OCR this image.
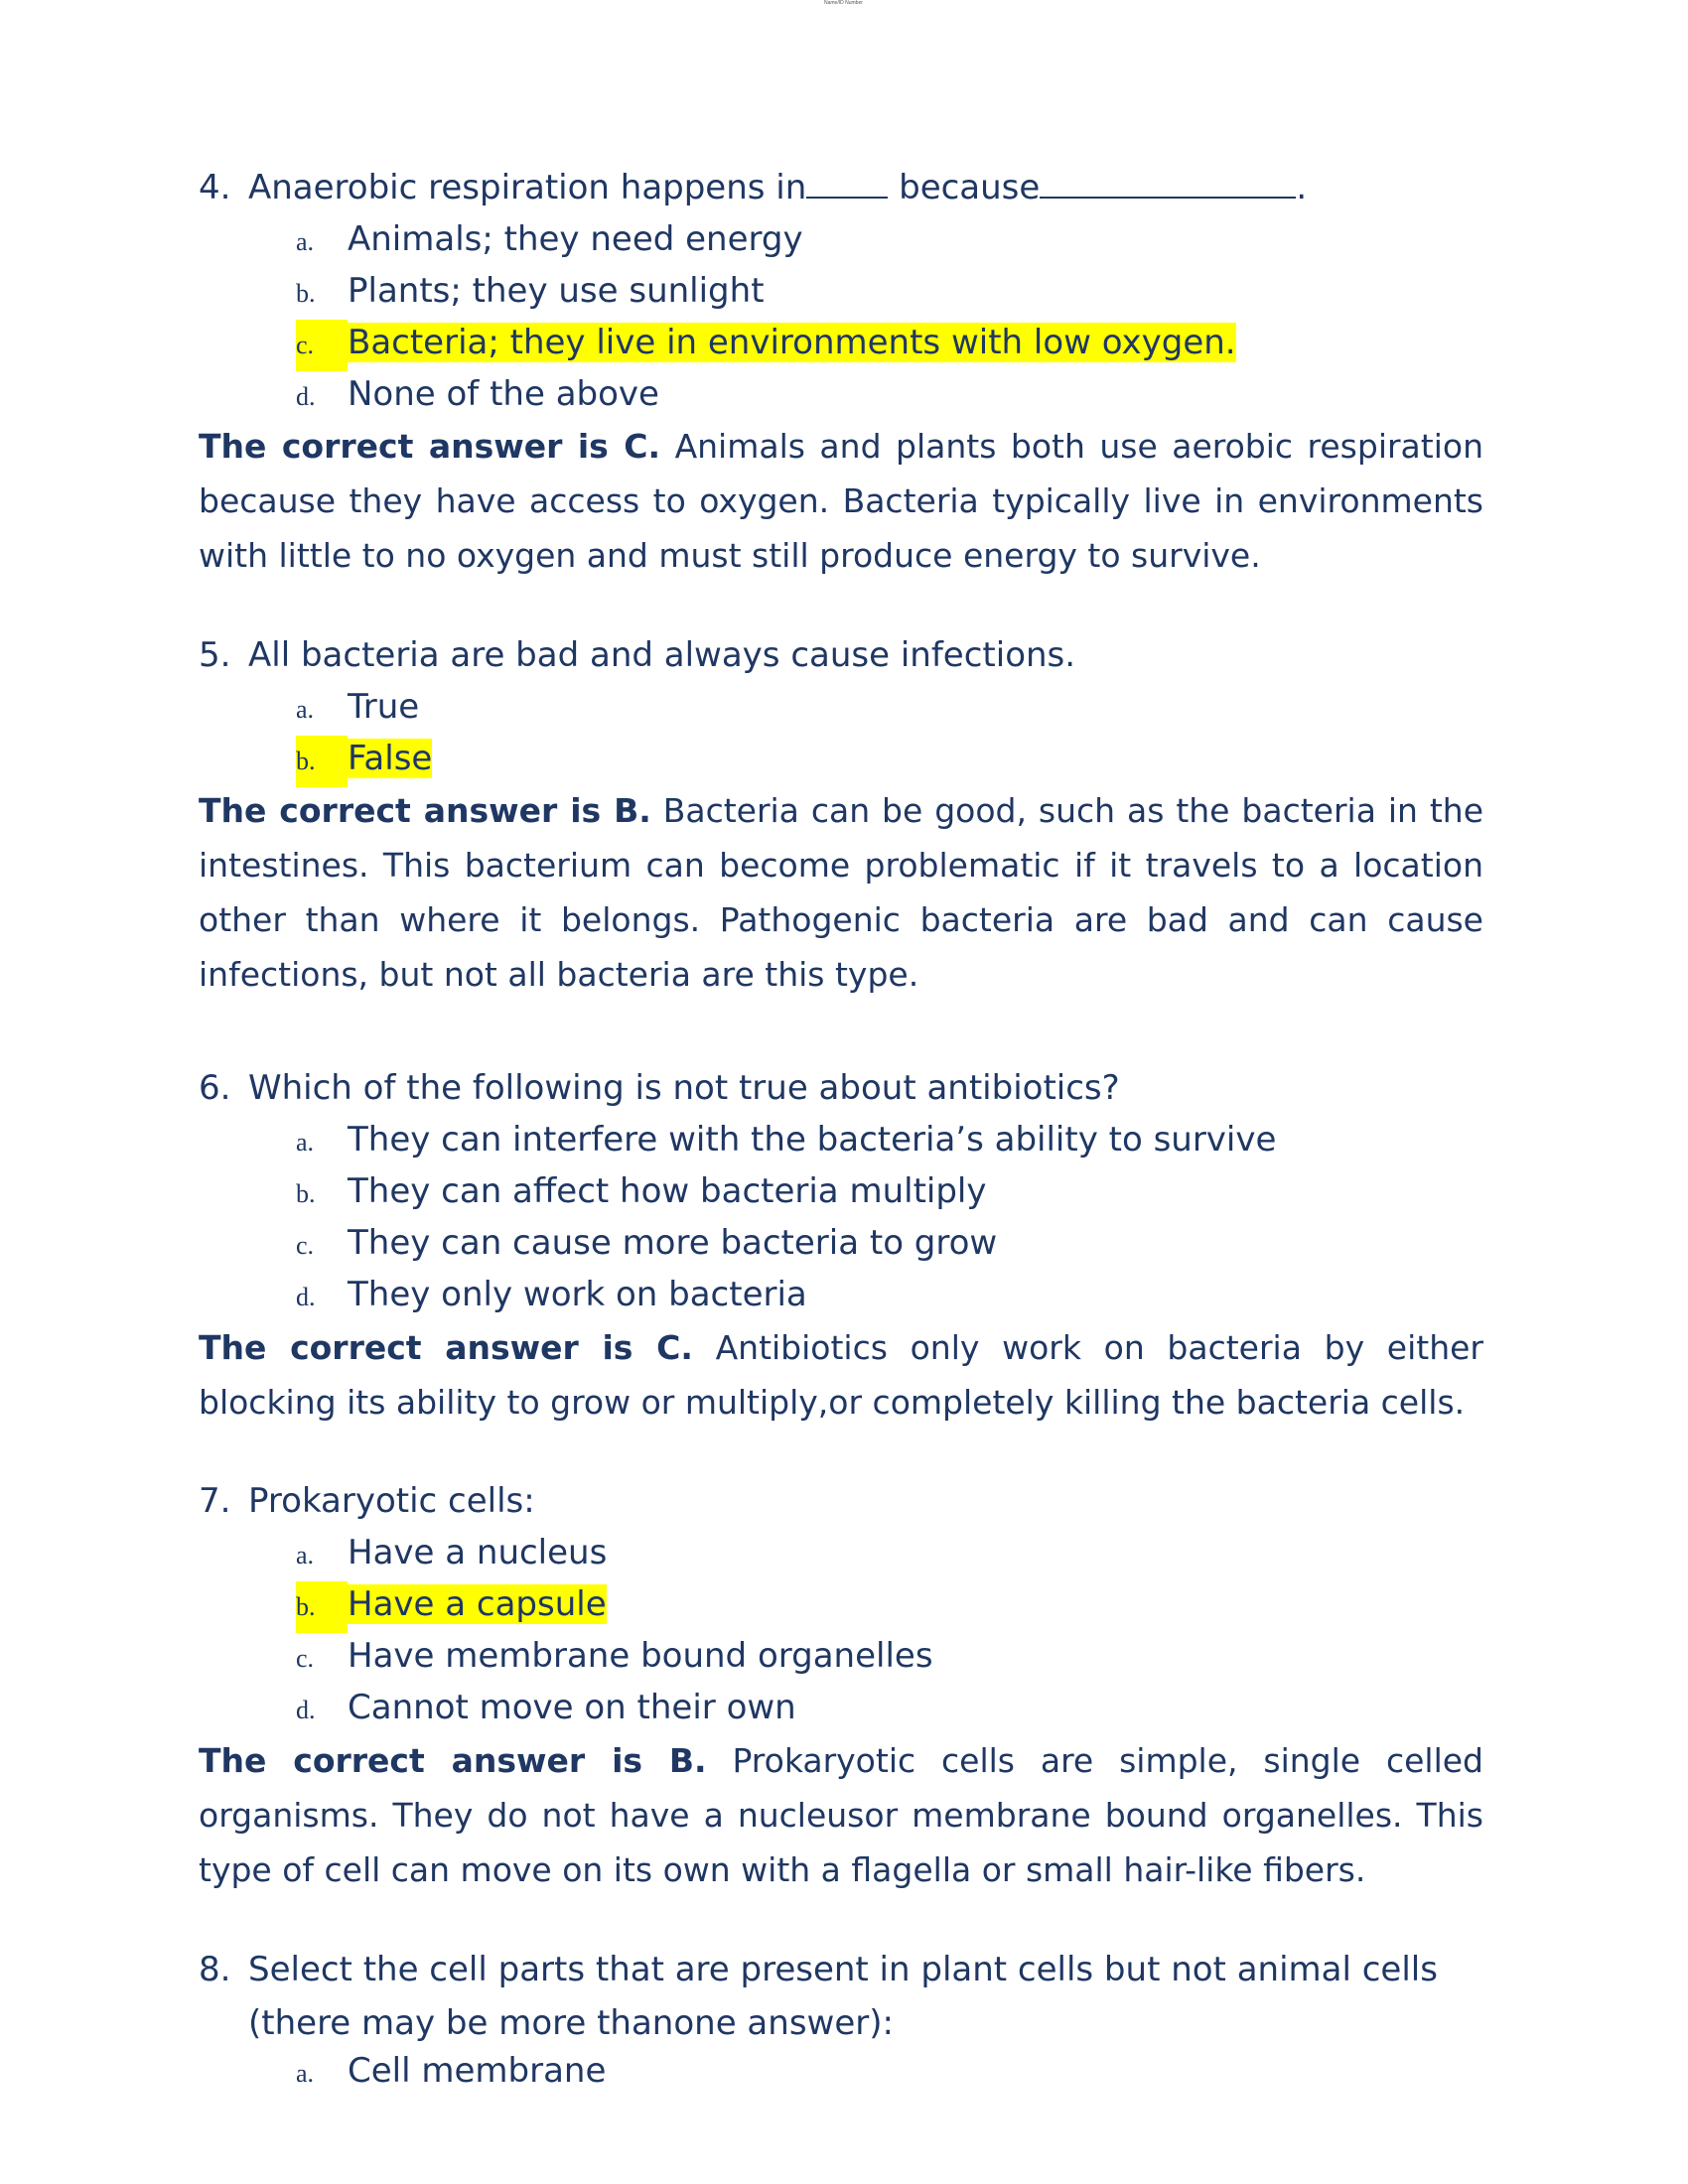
Name/ID Number
4. Anaerobic respiration happens in	because	.
a. Animals; they need energy
b. Plants; they use sunlight
c. Bacteria; they live in environments with low oxygen.
d. None of the above
The correct answer is C. Animals and plants both use aerobic respiration because they have access to oxygen. Bacteria typically live in environments with little to no oxygen and must still produce energy to survive.
5. All bacteria are bad and always cause infections.
a. True
b. False
The correct answer is B. Bacteria can be good, such as the bacteria in the intestines. This bacterium can become problematic if it travels to a location other than where it belongs. Pathogenic bacteria are bad and can cause infections, but not all bacteria are this type.
6. Which of the following is not true about antibiotics?
a. They can interfere with the bacteria’s ability to survive
b. They can affect how bacteria multiply
c. They can cause more bacteria to grow
d. They only work on bacteria
The correct answer is C. Antibiotics only work on bacteria by either blocking its ability to grow or multiply,or completely killing the bacteria cells.
7. Prokaryotic cells:
a. Have a nucleus
b. Have a capsule
c. Have membrane bound organelles
d. Cannot move on their own
The correct answer is B. Prokaryotic cells are simple, single celled organisms. They do not have a nucleusor membrane bound organelles. This type of cell can move on its own with a flagella or small hair-like fibers.
8. Select the cell parts that are present in plant cells but not animal cells
(there may be more thanone answer):
a. Cell membrane
